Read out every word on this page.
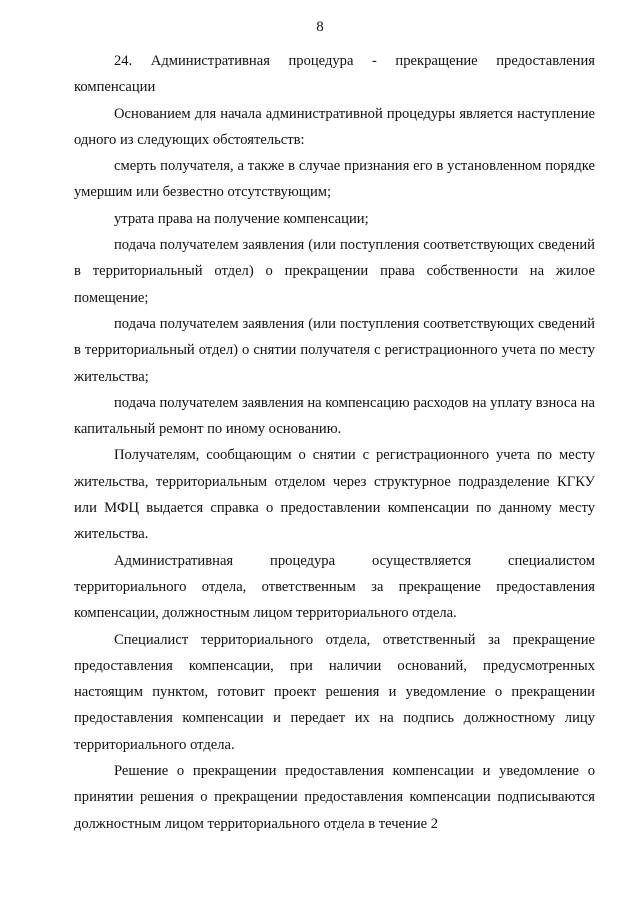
8

24. Административная процедура - прекращение предоставления компенсации

Основанием для начала административной процедуры является наступление одного из следующих обстоятельств:

смерть получателя, а также в случае признания его в установленном порядке умершим или безвестно отсутствующим;

утрата права на получение компенсации;

подача получателем заявления (или поступления соответствующих сведений в территориальный отдел) о прекращении права собственности на жилое помещение;

подача получателем заявления (или поступления соответствующих сведений в территориальный отдел) о снятии получателя с регистрационного учета по месту жительства;

подача получателем заявления на компенсацию расходов на уплату взноса на капитальный ремонт по иному основанию.

Получателям, сообщающим о снятии с регистрационного учета по месту жительства, территориальным отделом через структурное подразделение КГКУ или МФЦ выдается справка о предоставлении компенсации по данному месту жительства.

Административная процедура осуществляется специалистом территориального отдела, ответственным за прекращение предоставления компенсации, должностным лицом территориального отдела.

Специалист территориального отдела, ответственный за прекращение предоставления компенсации, при наличии оснований, предусмотренных настоящим пунктом, готовит проект решения и уведомление о прекращении предоставления компенсации и передает их на подпись должностному лицу территориального отдела.

Решение о прекращении предоставления компенсации и уведомление о принятии решения о прекращении предоставления компенсации подписываются должностным лицом территориального отдела в течение 2
